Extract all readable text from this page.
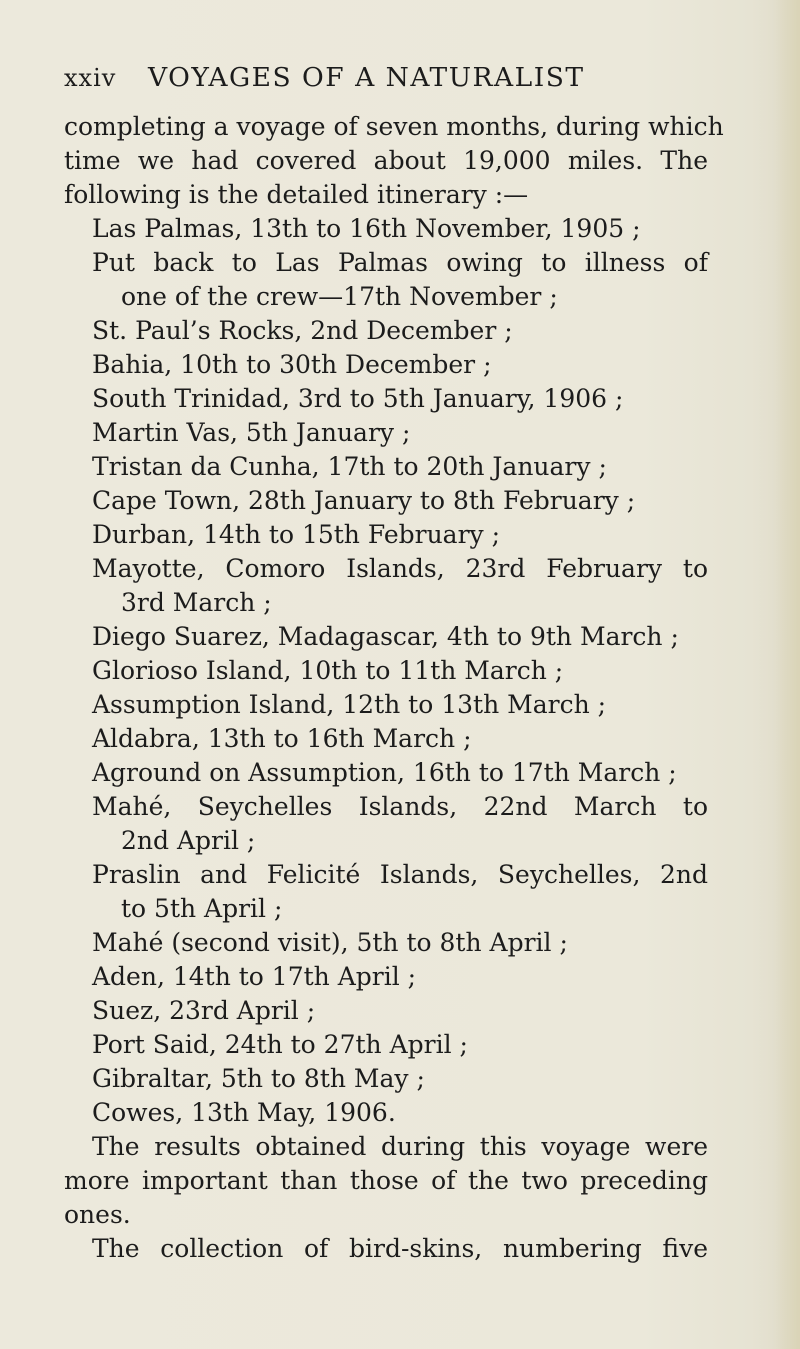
xxiv VOYAGES OF A NATURALIST
completing a voyage of seven months, during which
time we had covered about 19,000 miles. The
following is the detailed itinerary :—
Las Palmas, 13th to 16th November, 1905 ;
Put back to Las Palmas owing to illness of
one of the crew—17th November ;
St. Paul’s Rocks, 2nd December ;
Bahia, 10th to 30th December ;
South Trinidad, 3rd to 5th January, 1906 ;
Martin Vas, 5th January ;
Tristan da Cunha, 17th to 20th January ;
Cape Town, 28th January to 8th February ;
Durban, 14th to 15th February ;
Mayotte, Comoro Islands, 23rd February to
3rd March ;
Diego Suarez, Madagascar, 4th to 9th March ;
Glorioso Island, 10th to 11th March ;
Assumption Island, 12th to 13th March ;
Aldabra, 13th to 16th March ;
Aground on Assumption, 16th to 17th March ;
Mahé, Seychelles Islands, 22nd March to
2nd April ;
Praslin and Felicité Islands, Seychelles, 2nd
to 5th April ;
Mahé (second visit), 5th to 8th April ;
Aden, 14th to 17th April ;
Suez, 23rd April ;
Port Said, 24th to 27th April ;
Gibraltar, 5th to 8th May ;
Cowes, 13th May, 1906.
The results obtained during this voyage were
more important than those of the two preceding
ones.
The collection of bird-skins, numbering five
